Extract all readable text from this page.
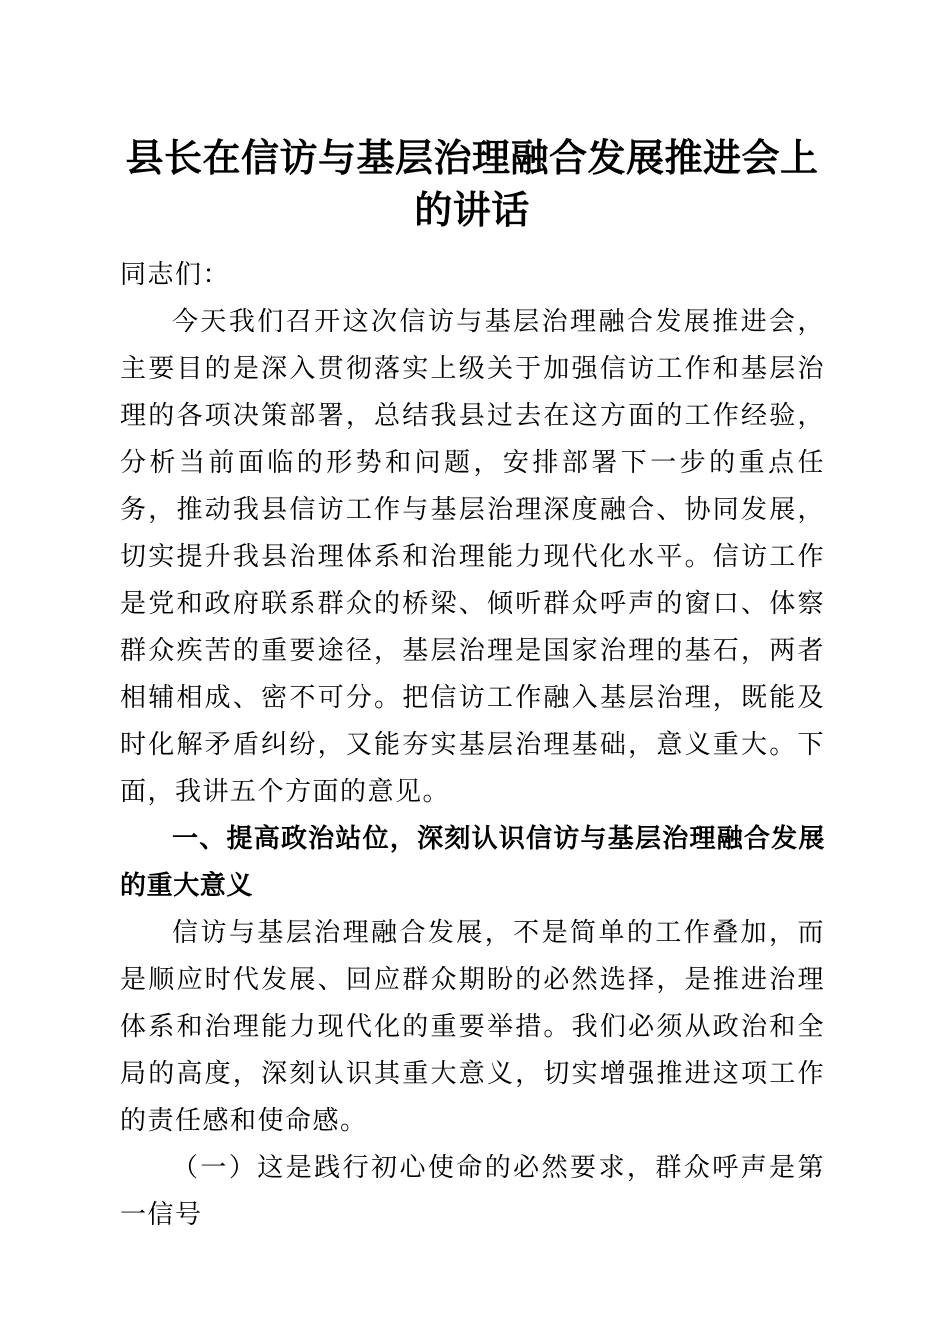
县长在信访与基层治理融合发展推进会上的讲话

同志们：

今天我们召开这次信访与基层治理融合发展推进会，主要目的是深入贯彻落实上级关于加强信访工作和基层治理的各项决策部署，总结我县过去在这方面的工作经验，分析当前面临的形势和问题，安排部署下一步的重点任务，推动我县信访工作与基层治理深度融合、协同发展，切实提升我县治理体系和治理能力现代化水平。信访工作是党和政府联系群众的桥梁、倾听群众呼声的窗口、体察群众疾苦的重要途径，基层治理是国家治理的基石，两者相辅相成、密不可分。把信访工作融入基层治理，既能及时化解矛盾纠纷，又能夯实基层治理基础，意义重大。下面，我讲五个方面的意见。

一、提高政治站位，深刻认识信访与基层治理融合发展的重大意义

信访与基层治理融合发展，不是简单的工作叠加，而是顺应时代发展、回应群众期盼的必然选择，是推进治理体系和治理能力现代化的重要举措。我们必须从政治和全局的高度，深刻认识其重大意义，切实增强推进这项工作的责任感和使命感。

（一）这是践行初心使命的必然要求，群众呼声是第一信号
